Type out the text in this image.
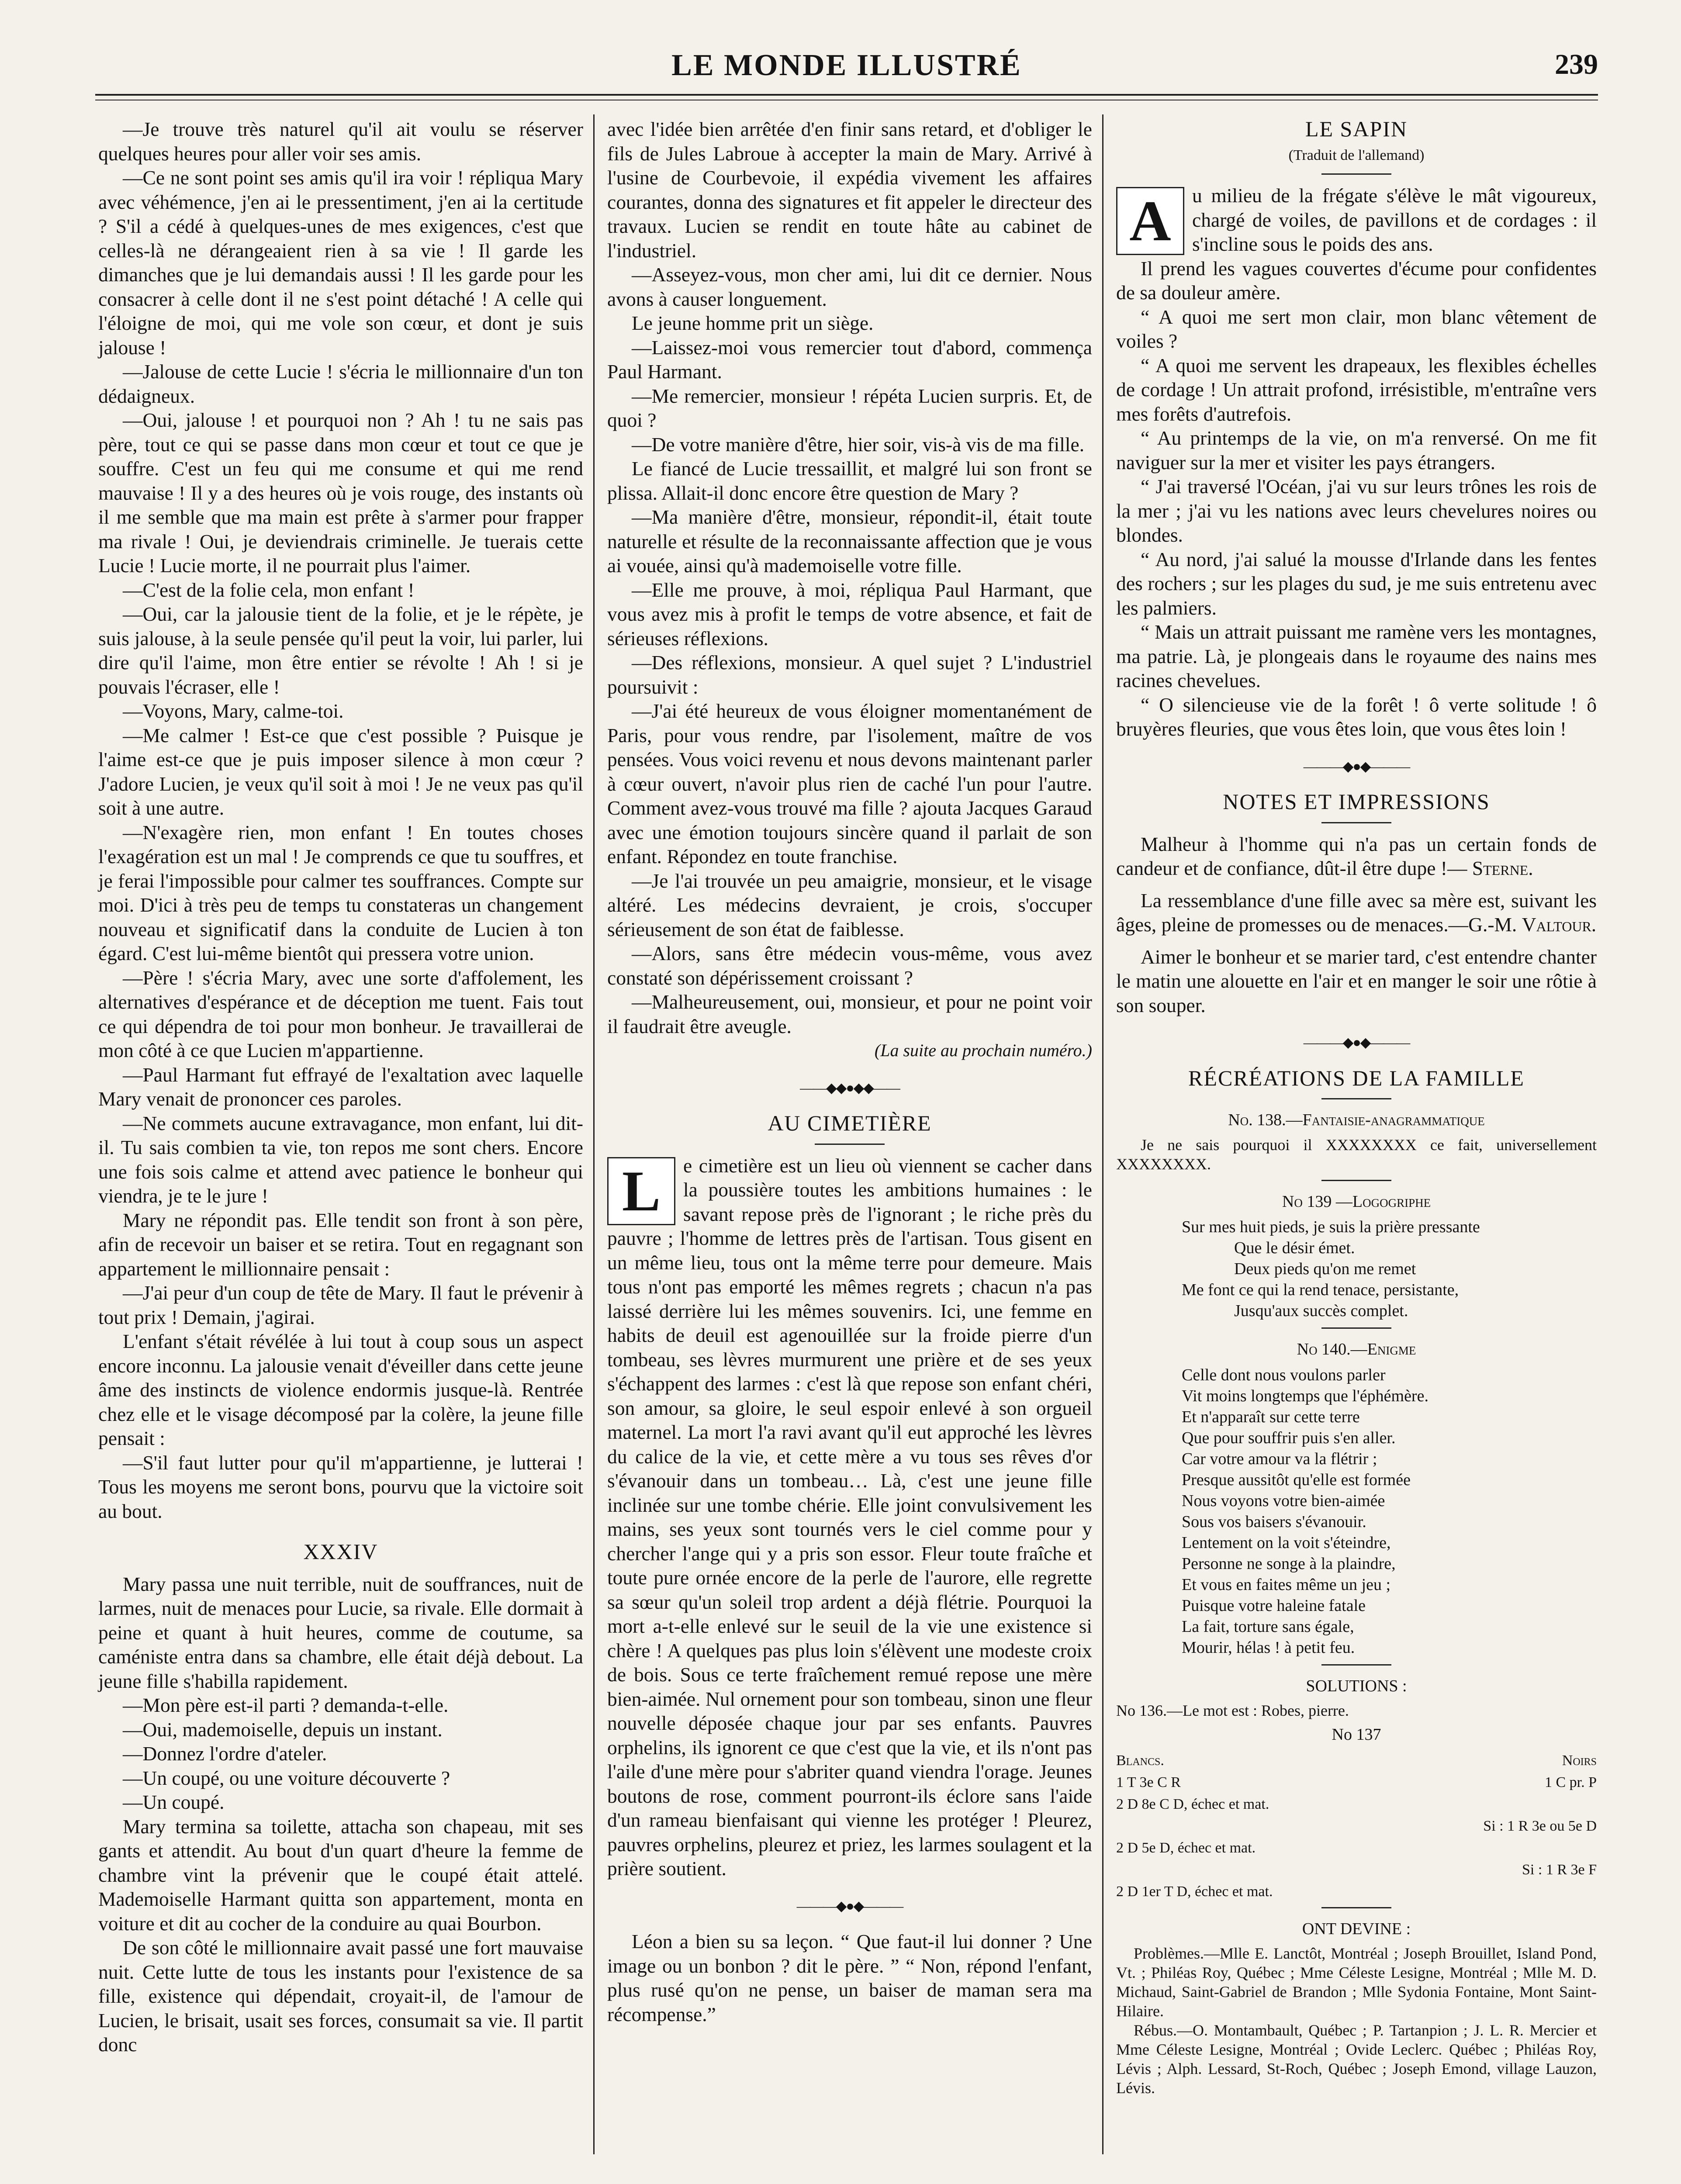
LE MONDE ILLUSTRÉ	239

—Je trouve très naturel qu'il ait voulu se réserver quelques heures pour aller voir ses amis.

—Ce ne sont point ses amis qu'il ira voir ! répliqua Mary avec véhémence, j'en ai le pressentiment, j'en ai la certitude ? S'il a cédé à quelques-unes de mes exigences, c'est que celles-là ne dérangeaient rien à sa vie ! Il garde les dimanches que je lui demandais aussi ! Il les garde pour les consacrer à celle dont il ne s'est point détaché ! A celle qui l'éloigne de moi, qui me vole son cœur, et dont je suis jalouse !

—Jalouse de cette Lucie ! s'écria le millionnaire d'un ton dédaigneux.

—Oui, jalouse ! et pourquoi non ? Ah ! tu ne sais pas père, tout ce qui se passe dans mon cœur et tout ce que je souffre. C'est un feu qui me consume et qui me rend mauvaise ! Il y a des heures où je vois rouge, des instants où il me semble que ma main est prête à s'armer pour frapper ma rivale ! Oui, je deviendrais criminelle. Je tuerais cette Lucie ! Lucie morte, il ne pourrait plus l'aimer.

—C'est de la folie cela, mon enfant !

—Oui, car la jalousie tient de la folie, et je le répète, je suis jalouse, à la seule pensée qu'il peut la voir, lui parler, lui dire qu'il l'aime, mon être entier se révolte ! Ah ! si je pouvais l'écraser, elle !

—Voyons, Mary, calme-toi.

—Me calmer ! Est-ce que c'est possible ? Puisque je l'aime est-ce que je puis imposer silence à mon cœur ? J'adore Lucien, je veux qu'il soit à moi ! Je ne veux pas qu'il soit à une autre.

—N'exagère rien, mon enfant ! En toutes choses l'exagération est un mal ! Je comprends ce que tu souffres, et je ferai l'impossible pour calmer tes souffrances. Compte sur moi. D'ici à très peu de temps tu constateras un changement nouveau et significatif dans la conduite de Lucien à ton égard. C'est lui-même bientôt qui pressera votre union.

—Père ! s'écria Mary, avec une sorte d'affolement, les alternatives d'espérance et de déception me tuent. Fais tout ce qui dépendra de toi pour mon bonheur. Je travaillerai de mon côté à ce que Lucien m'appartienne.

—Paul Harmant fut effrayé de l'exaltation avec laquelle Mary venait de prononcer ces paroles.

—Ne commets aucune extravagance, mon enfant, lui dit-il. Tu sais combien ta vie, ton repos me sont chers. Encore une fois sois calme et attend avec patience le bonheur qui viendra, je te le jure !

Mary ne répondit pas. Elle tendit son front à son père, afin de recevoir un baiser et se retira. Tout en regagnant son appartement le millionnaire pensait :

—J'ai peur d'un coup de tête de Mary. Il faut le prévenir à tout prix ! Demain, j'agirai.

L'enfant s'était révélée à lui tout à coup sous un aspect encore inconnu. La jalousie venait d'éveiller dans cette jeune âme des instincts de violence endormis jusque-là. Rentrée chez elle et le visage décomposé par la colère, la jeune fille pensait :

—S'il faut lutter pour qu'il m'appartienne, je lutterai ! Tous les moyens me seront bons, pourvu que la victoire soit au bout.

XXXIV

Mary passa une nuit terrible, nuit de souffrances, nuit de larmes, nuit de menaces pour Lucie, sa rivale. Elle dormait à peine et quant à huit heures, comme de coutume, sa caméniste entra dans sa chambre, elle était déjà debout. La jeune fille s'habilla rapidement.

—Mon père est-il parti ? demanda-t-elle.

—Oui, mademoiselle, depuis un instant.

—Donnez l'ordre d'ateler.

—Un coupé, ou une voiture découverte ?

—Un coupé.

Mary termina sa toilette, attacha son chapeau, mit ses gants et attendit. Au bout d'un quart d'heure la femme de chambre vint la prévenir que le coupé était attelé. Mademoiselle Harmant quitta son appartement, monta en voiture et dit au cocher de la conduire au quai Bourbon.

De son côté le millionnaire avait passé une fort mauvaise nuit. Cette lutte de tous les instants pour l'existence de sa fille, existence qui dépendait, croyait-il, de l'amour de Lucien, le brisait, usait ses forces, consumait sa vie. Il partit donc

avec l'idée bien arrêtée d'en finir sans retard, et d'obliger le fils de Jules Labroue à accepter la main de Mary. Arrivé à l'usine de Courbevoie, il expédia vivement les affaires courantes, donna des signatures et fit appeler le directeur des travaux. Lucien se rendit en toute hâte au cabinet de l'industriel.

—Asseyez-vous, mon cher ami, lui dit ce dernier. Nous avons à causer longuement.

Le jeune homme prit un siège.

—Laissez-moi vous remercier tout d'abord, commença Paul Harmant.

—Me remercier, monsieur ! répéta Lucien surpris. Et, de quoi ?

—De votre manière d'être, hier soir, vis-à vis de ma fille.

Le fiancé de Lucie tressaillit, et malgré lui son front se plissa. Allait-il donc encore être question de Mary ?

—Ma manière d'être, monsieur, répondit-il, était toute naturelle et résulte de la reconnaissante affection que je vous ai vouée, ainsi qu'à mademoiselle votre fille.

—Elle me prouve, à moi, répliqua Paul Harmant, que vous avez mis à profit le temps de votre absence, et fait de sérieuses réflexions.

—Des réflexions, monsieur. A quel sujet ? L'industriel poursuivit :

—J'ai été heureux de vous éloigner momentanément de Paris, pour vous rendre, par l'isolement, maître de vos pensées. Vous voici revenu et nous devons maintenant parler à cœur ouvert, n'avoir plus rien de caché l'un pour l'autre. Comment avez-vous trouvé ma fille ? ajouta Jacques Garaud avec une émotion toujours sincère quand il parlait de son enfant. Répondez en toute franchise.

—Je l'ai trouvée un peu amaigrie, monsieur, et le visage altéré. Les médecins devraient, je crois, s'occuper sérieusement de son état de faiblesse.

—Alors, sans être médecin vous-même, vous avez constaté son dépérissement croissant ?

—Malheureusement, oui, monsieur, et pour ne point voir il faudrait être aveugle.

(La suite au prochain numéro.)

——◆◆●◆◆——
AU CIMETIÈRE

L	e cimetière est un lieu où viennent se cacher dans la poussière toutes les ambitions humaines : le savant repose près de l'ignorant ; le riche près du pauvre ; l'homme de lettres près de l'artisan. Tous gisent en un même lieu, tous ont la même terre pour demeure. Mais tous n'ont pas emporté les mêmes regrets ; chacun n'a pas laissé derrière lui les mêmes souvenirs. Ici, une femme en habits de deuil est agenouillée sur la froide pierre d'un tombeau, ses lèvres murmurent une prière et de ses yeux s'échappent des larmes : c'est là que repose son enfant chéri, son amour, sa gloire, le seul espoir enlevé à son orgueil maternel. La mort l'a ravi avant qu'il eut approché les lèvres du calice de la vie, et cette mère a vu tous ses rêves d'or s'évanouir dans un tombeau… Là, c'est une jeune fille inclinée sur une tombe chérie. Elle joint convulsivement les mains, ses yeux sont tournés vers le ciel comme pour y chercher l'ange qui y a pris son essor. Fleur toute fraîche et toute pure ornée encore de la perle de l'aurore, elle regrette sa sœur qu'un soleil trop ardent a déjà flétrie. Pourquoi la mort a-t-elle enlevé sur le seuil de la vie une existence si chère ! A quelques pas plus loin s'élèvent une modeste croix de bois. Sous ce terte fraîchement remué repose une mère bien-aimée. Nul ornement pour son tombeau, sinon une fleur nouvelle déposée chaque jour par ses enfants. Pauvres orphelins, ils ignorent ce que c'est que la vie, et ils n'ont pas l'aile d'une mère pour s'abriter quand viendra l'orage. Jeunes boutons de rose, comment pourront-ils éclore sans l'aide d'un rameau bienfaisant qui vienne les protéger ! Pleurez, pauvres orphelins, pleurez et priez, les larmes soulagent et la prière soutient.

———◆●◆———

Léon a bien su sa leçon. “ Que faut-il lui donner ? Une image ou un bonbon ? dit le père. ” “ Non, répond l'enfant, plus rusé qu'on ne pense, un baiser de maman sera ma récompense.”

LE SAPIN
(Traduit de l'allemand)

A	u milieu de la frégate s'élève le mât vigoureux, chargé de voiles, de pavillons et de cordages : il s'incline sous le poids des ans.

Il prend les vagues couvertes d'écume pour confidentes de sa douleur amère.

“ A quoi me sert mon clair, mon blanc vêtement de voiles ?

“ A quoi me servent les drapeaux, les flexibles échelles de cordage ! Un attrait profond, irrésistible, m'entraîne vers mes forêts d'autrefois.

“ Au printemps de la vie, on m'a renversé. On me fit naviguer sur la mer et visiter les pays étrangers.

“ J'ai traversé l'Océan, j'ai vu sur leurs trônes les rois de la mer ; j'ai vu les nations avec leurs chevelures noires ou blondes.

“ Au nord, j'ai salué la mousse d'Irlande dans les fentes des rochers ; sur les plages du sud, je me suis entretenu avec les palmiers.

“ Mais un attrait puissant me ramène vers les montagnes, ma patrie. Là, je plongeais dans le royaume des nains mes racines chevelues.

“ O silencieuse vie de la forêt ! ô verte solitude ! ô bruyères fleuries, que vous êtes loin, que vous êtes loin !

———◆●◆———
NOTES ET IMPRESSIONS

Malheur à l'homme qui n'a pas un certain fonds de candeur et de confiance, dût-il être dupe !— Sterne.

La ressemblance d'une fille avec sa mère est, suivant les âges, pleine de promesses ou de menaces.—G.-M. Valtour.

Aimer le bonheur et se marier tard, c'est entendre chanter le matin une alouette en l'air et en manger le soir une rôtie à son souper.

———◆●◆———
RÉCRÉATIONS DE LA FAMILLE
No. 138.—Fantaisie-anagrammatique

Je ne sais pourquoi il XXXXXXXX ce fait, universellement XXXXXXXX.

No 139 —Logogriphe
Sur mes huit pieds, je suis la prière pressante
Que le désir émet.
Deux pieds qu'on me remet
Me font ce qui la rend tenace, persistante,
Jusqu'aux succès complet.
No 140.—Enigme
Celle dont nous voulons parler
Vit moins longtemps que l'éphémère.
Et n'apparaît sur cette terre
Que pour souffrir puis s'en aller.
Car votre amour va la flétrir ;
Presque aussitôt qu'elle est formée
Nous voyons votre bien-aimée
Sous vos baisers s'évanouir.
Lentement on la voit s'éteindre,
Personne ne songe à la plaindre,
Et vous en faites même un jeu ;
Puisque votre haleine fatale
La fait, torture sans égale,
Mourir, hélas ! à petit feu.
SOLUTIONS :
No 136.—Le mot est : Robes, pierre.
No 137
Blancs.	Noirs
1 T 3e C R	1 C pr. P
2 D 8e C D, échec et mat.
Si : 1 R 3e ou 5e D
2 D 5e D, échec et mat.
Si : 1 R 3e F
2 D 1er T D, échec et mat.
ONT DEVINE :

Problèmes.—Mlle E. Lanctôt, Montréal ; Joseph Brouillet, Island Pond, Vt. ; Philéas Roy, Québec ; Mme Céleste Lesigne, Montréal ; Mlle M. D. Michaud, Saint-Gabriel de Brandon ; Mlle Sydonia Fontaine, Mont Saint-Hilaire.

Rébus.—O. Montambault, Québec ; P. Tartanpion ; J. L. R. Mercier et Mme Céleste Lesigne, Montréal ; Ovide Leclerc. Québec ; Philéas Roy, Lévis ; Alph. Lessard, St-Roch, Québec ; Joseph Emond, village Lauzon, Lévis.
